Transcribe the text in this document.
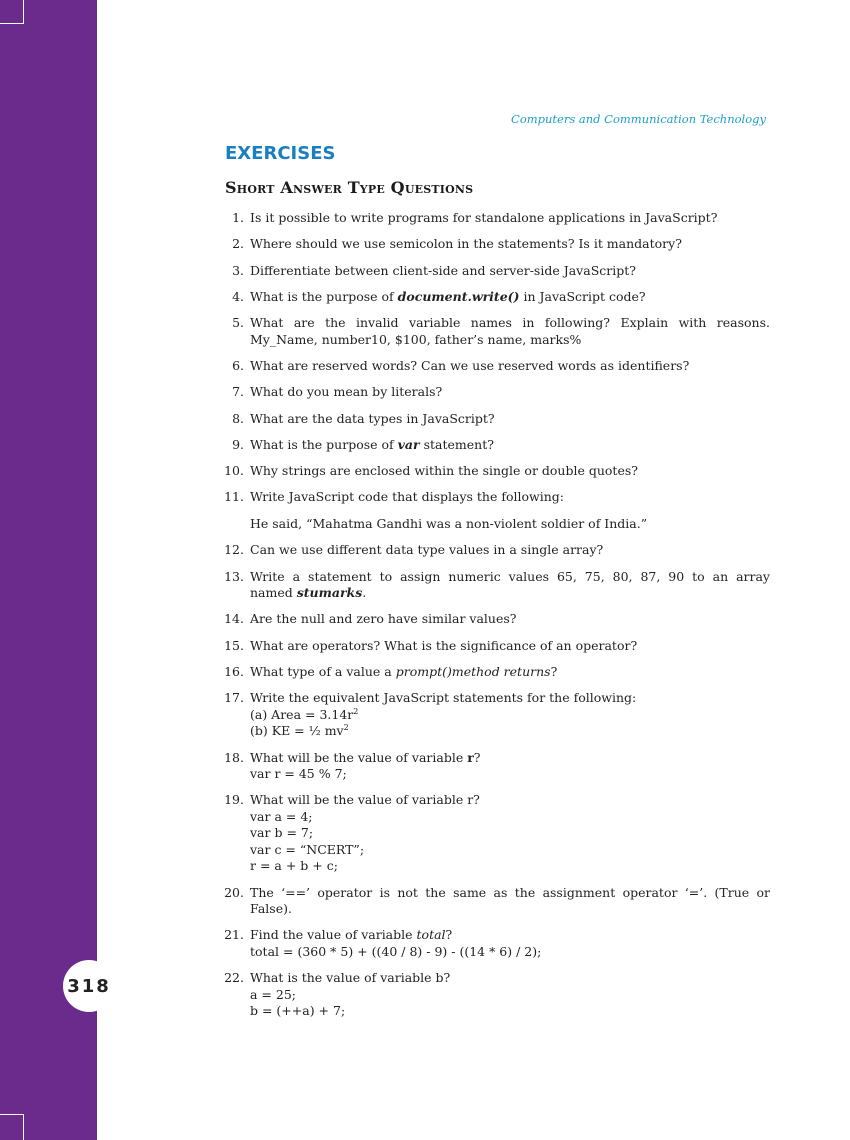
318
Computers and Communication Technology
EXERCISES
Short Answer Type Questions
1. Is it possible to write programs for standalone applications in JavaScript?
2. Where should we use semicolon in the statements? Is it mandatory?
3. Differentiate between client-side and server-side JavaScript?
4. What is the purpose of document.write() in JavaScript code?
5. What are the invalid variable names in following? Explain with reasons.
My_Name, number10, $100, father’s name, marks%
6. What are reserved words? Can we use reserved words as identifiers?
7. What do you mean by literals?
8. What are the data types in JavaScript?
9. What is the purpose of var statement?
10. Why strings are enclosed within the single or double quotes?
11. Write JavaScript code that displays the following:
He said, “Mahatma Gandhi was a non-violent soldier of India.”
12. Can we use different data type values in a single array?
13. Write a statement to assign numeric values 65, 75, 80, 87, 90 to an array
named stumarks.
14. Are the null and zero have similar values?
15. What are operators? What is the significance of an operator?
16. What type of a value a prompt()method returns?
17. Write the equivalent JavaScript statements for the following:
(a) Area = $3.14r^2$
(b) KE = ½ $mv^2$
18. What will be the value of variable r?
var r = 45 % 7;
19. What will be the value of variable r?
var a = 4;
var b = 7;
var c = “NCERT”;
r = a + b + c;
20. The ‘==’ operator is not the same as the assignment operator ‘=’. (True or False).
21. Find the value of variable total?
total = (360 * 5) + ((40 / 8) - 9) - ((14 * 6) / 2);
22. What is the value of variable b?
a = 25;
b = (++a) + 7;
